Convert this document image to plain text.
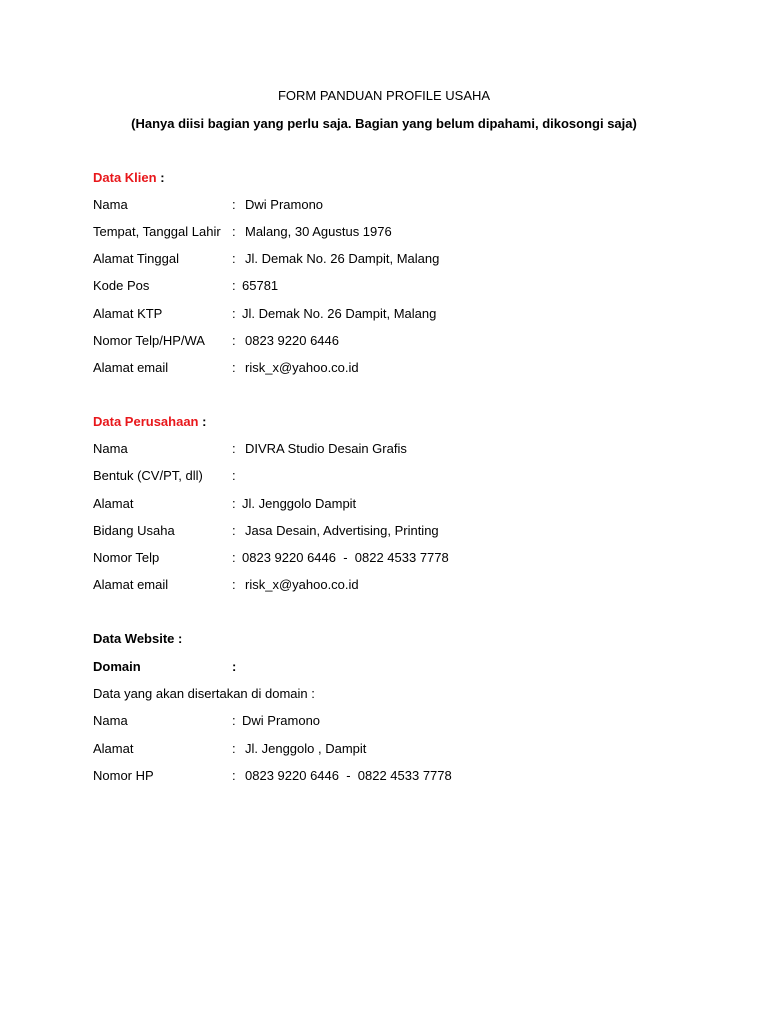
FORM PANDUAN PROFILE USAHA
(Hanya diisi bagian yang perlu saja. Bagian yang belum dipahami, dikosongi saja)
Data Klien :
Nama	: Dwi Pramono
Tempat, Tanggal Lahir : Malang, 30 Agustus 1976
Alamat Tinggal	: Jl. Demak No. 26 Dampit, Malang
Kode Pos	: 65781
Alamat KTP	: Jl. Demak No. 26 Dampit, Malang
Nomor Telp/HP/WA : 0823 9220 6446
Alamat email	: risk_x@yahoo.co.id
Data Perusahaan :
Nama	: DIVRA Studio Desain Grafis
Bentuk (CV/PT, dll) :
Alamat	: Jl. Jenggolo Dampit
Bidang Usaha	: Jasa Desain, Advertising, Printing
Nomor Telp	: 0823 9220 6446  -  0822 4533 7778
Alamat email	: risk_x@yahoo.co.id
Data Website :
Domain	:
Data yang akan disertakan di domain :
Nama	: Dwi Pramono
Alamat	: Jl. Jenggolo , Dampit
Nomor HP	: 0823 9220 6446  -  0822 4533 7778
